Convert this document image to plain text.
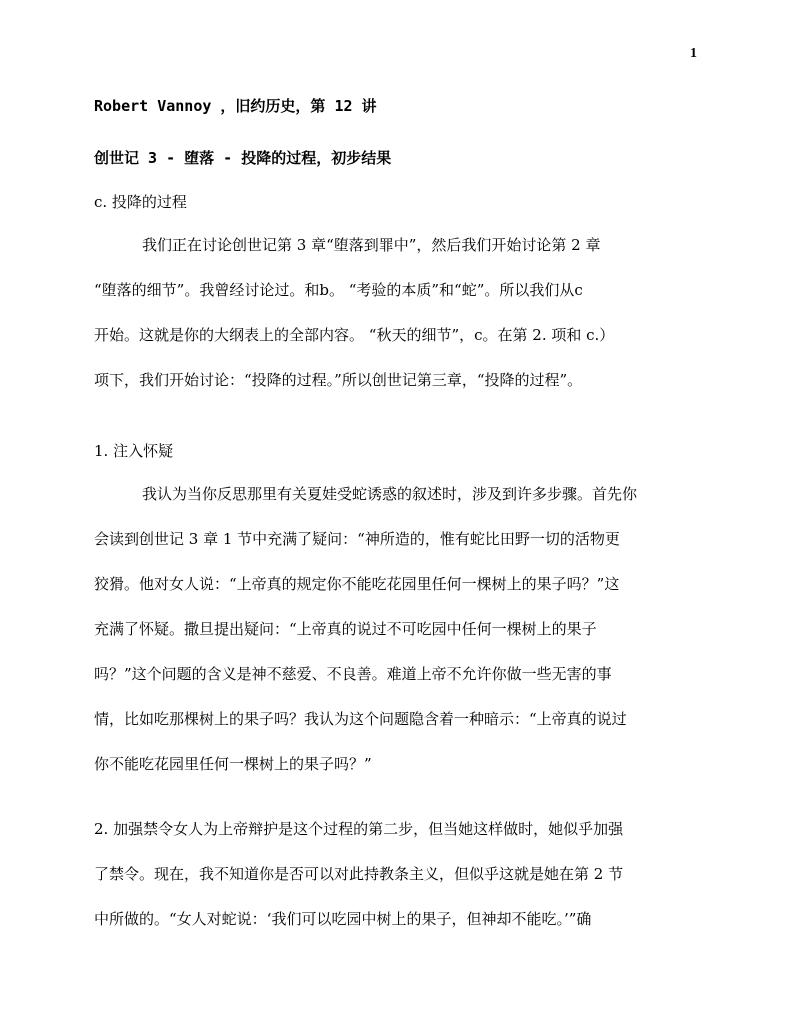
1
Robert Vannoy ，旧约历史，第 12 讲
创世记 3 - 堕落 - 投降的过程，初步结果
c. 投降的过程
我们正在讨论创世记第 3 章“堕落到罪中”，然后我们开始讨论第 2 章
“堕落的细节”。我曾经讨论过。和b。 “考验的本质”和“蛇”。所以我们从c
开始。这就是你的大纲表上的全部内容。 “秋天的细节”，c。在第 2. 项和 c.）
项下，我们开始讨论：“投降的过程。”所以创世记第三章，“投降的过程”。
1. 注入怀疑
我认为当你反思那里有关夏娃受蛇诱惑的叙述时，涉及到许多步骤。首先你
会读到创世记 3 章 1 节中充满了疑问：“神所造的，惟有蛇比田野一切的活物更
狡猾。他对女人说：“上帝真的规定你不能吃花园里任何一棵树上的果子吗？”这
充满了怀疑。撒旦提出疑问：“上帝真的说过不可吃园中任何一棵树上的果子
吗？”这个问题的含义是神不慈爱、不良善。难道上帝不允许你做一些无害的事
情，比如吃那棵树上的果子吗？我认为这个问题隐含着一种暗示：“上帝真的说过
你不能吃花园里任何一棵树上的果子吗？”
2. 加强禁令女人为上帝辩护是这个过程的第二步，但当她这样做时，她似乎加强
了禁令。现在，我不知道你是否可以对此持教条主义，但似乎这就是她在第 2 节
中所做的。“女人对蛇说：‘我们可以吃园中树上的果子，但神却不能吃。’”确
